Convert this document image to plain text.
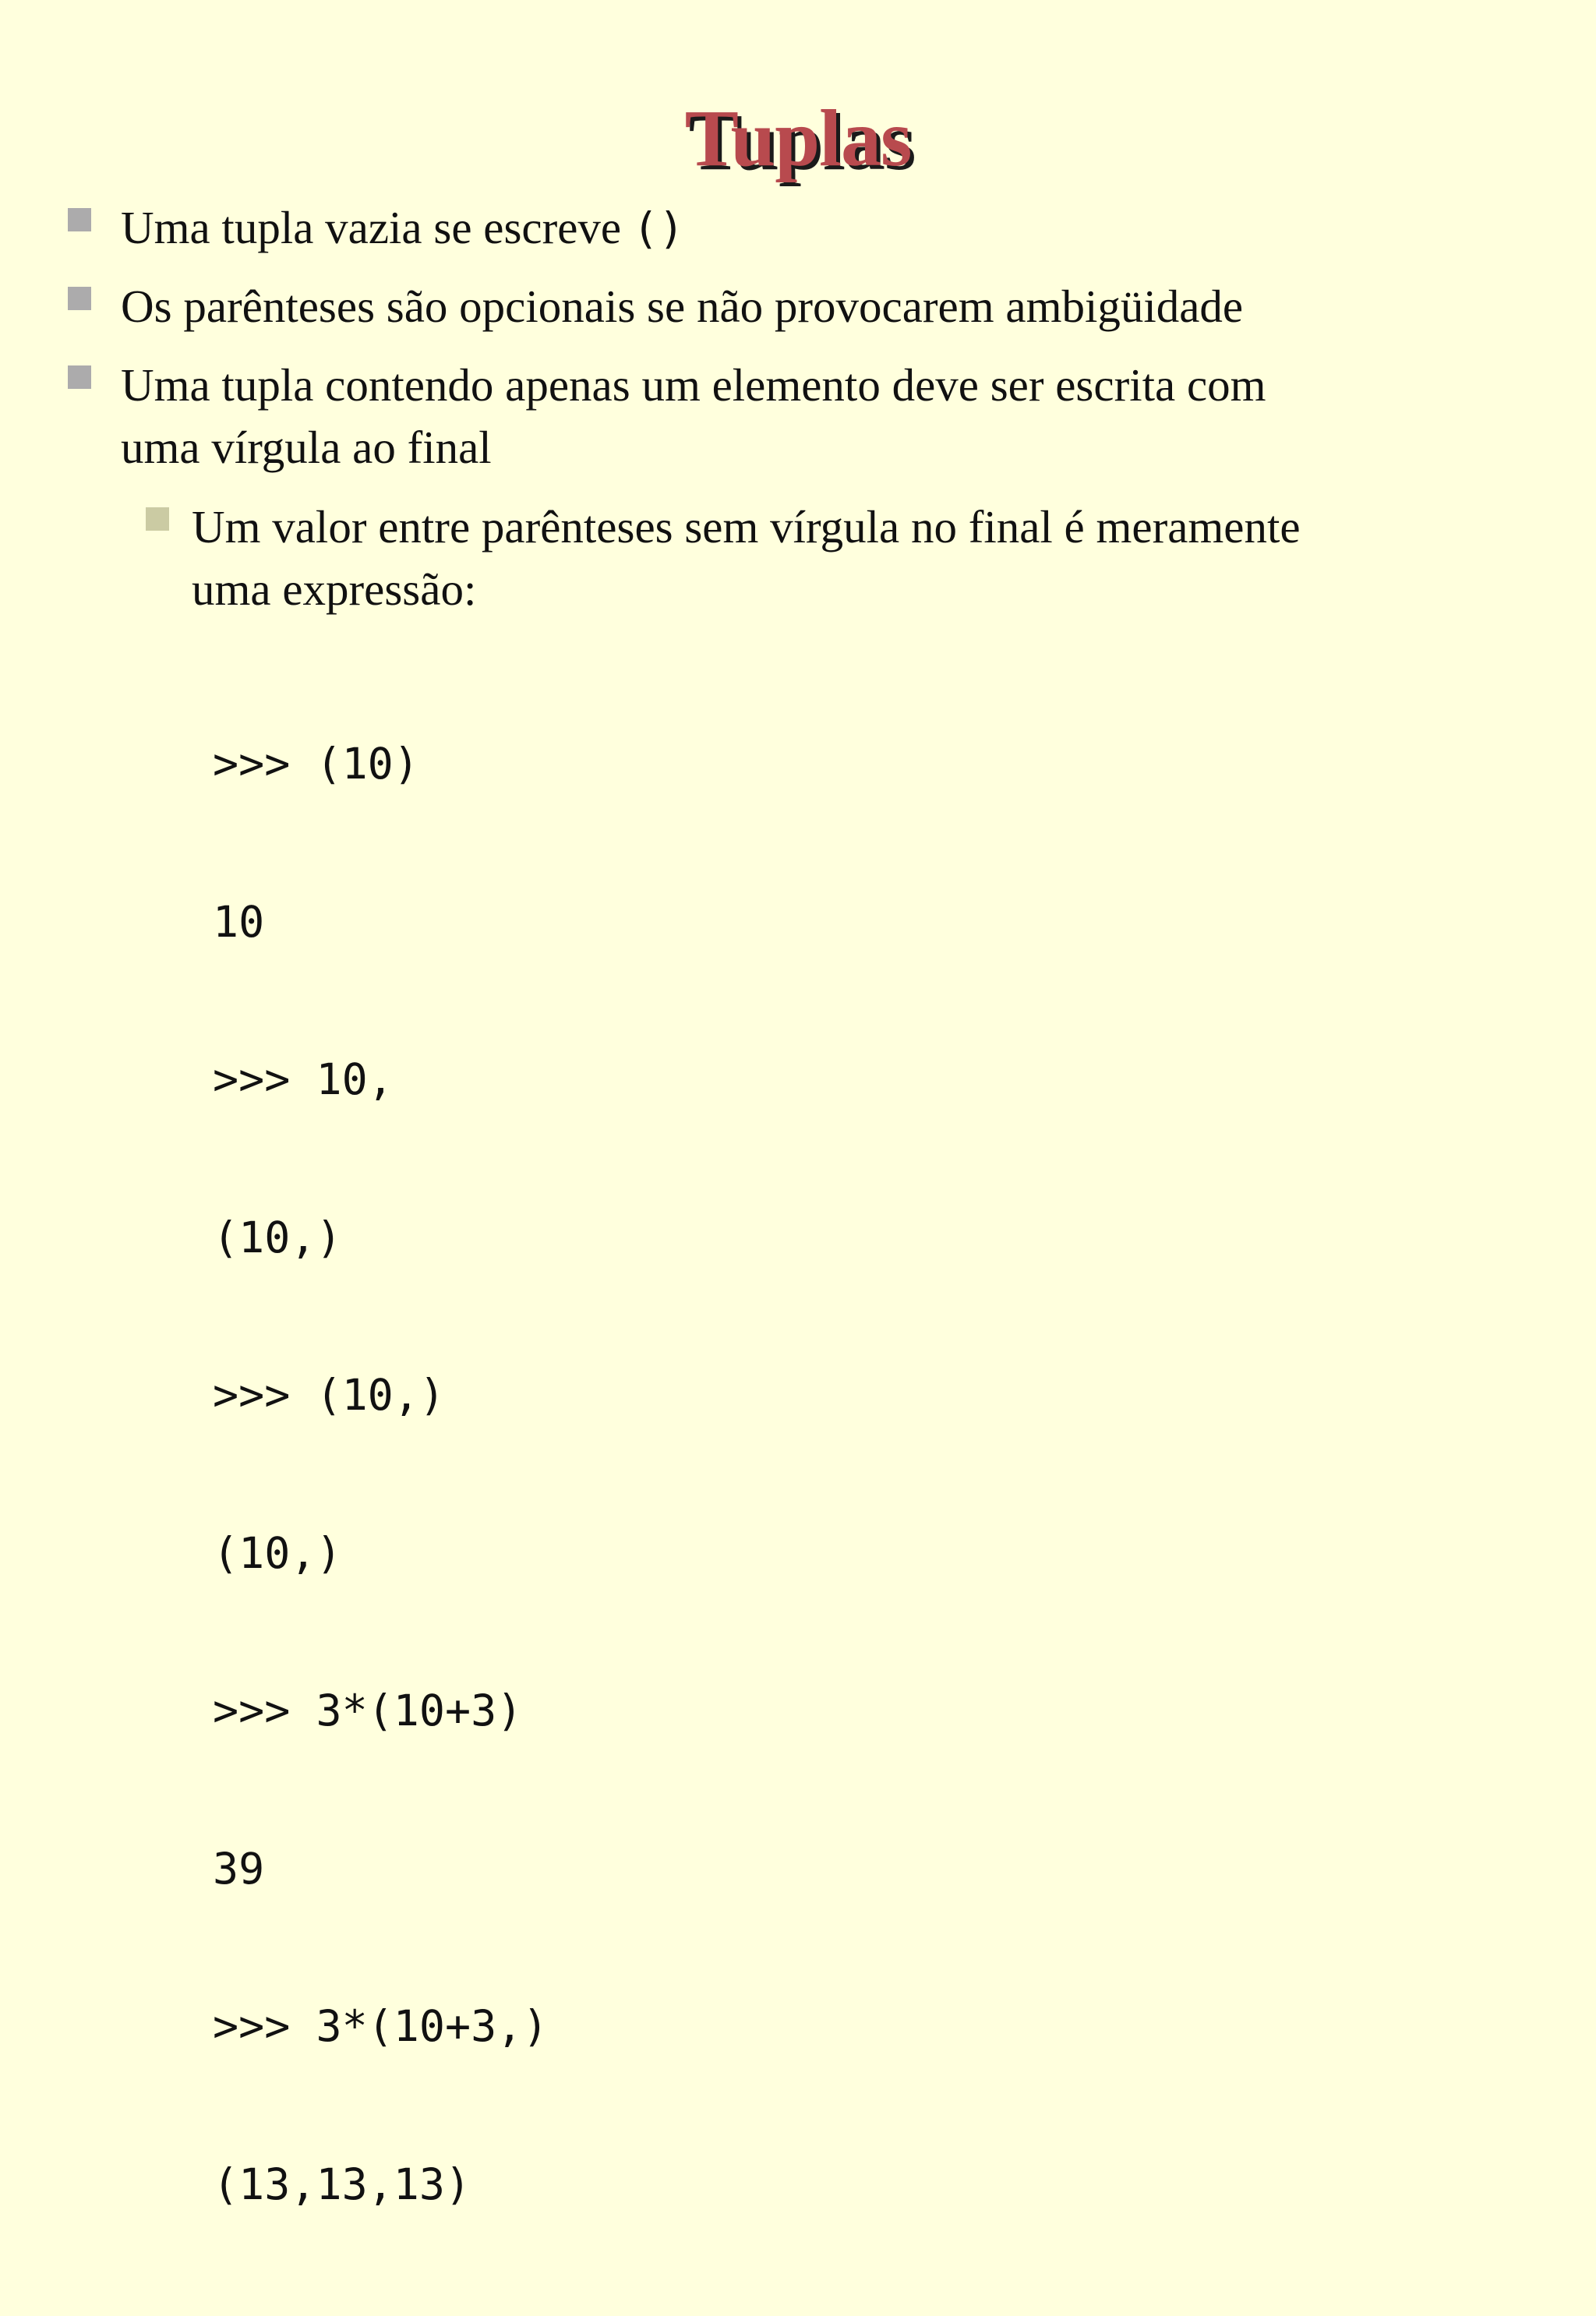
Tuplas
Uma tupla vazia se escreve ()
Os parênteses são opcionais se não provocarem ambigüidade
Uma tupla contendo apenas um elemento deve ser escrita com
uma vírgula ao final
Um valor entre parênteses sem vírgula no final é meramente
uma expressão:

>>> (10)

10

>>> 10,

(10,)

>>> (10,)

(10,)

>>> 3*(10+3)

39

>>> 3*(10+3,)

(13,13,13)
